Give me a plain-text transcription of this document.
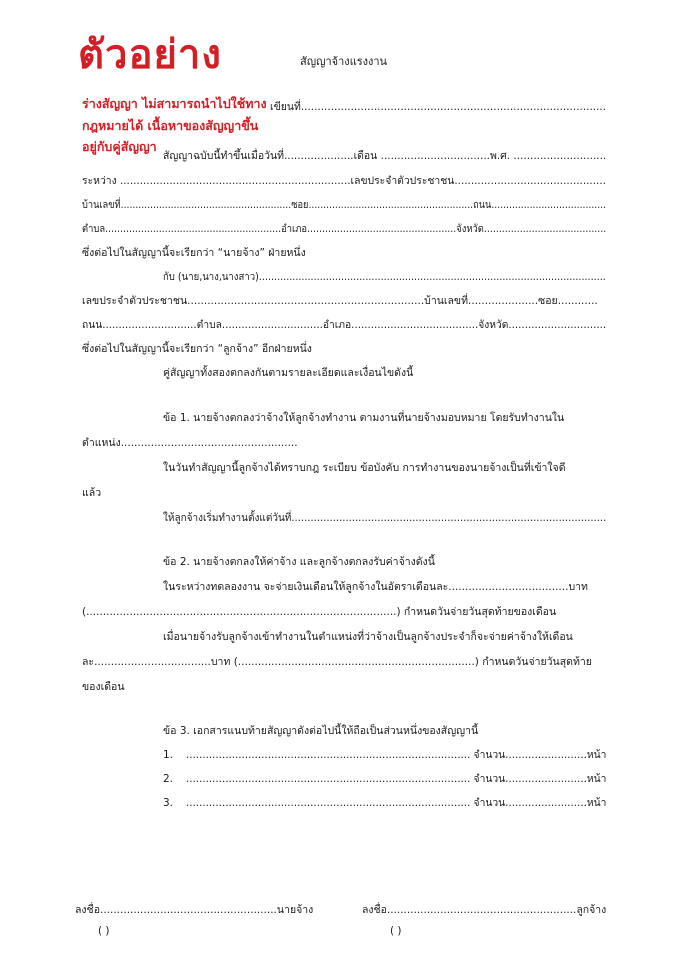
ตัวอย่าง	สัญญาจ้างแรงงาน
ร่างสัญญา ไม่สามารถนำไปใช้ทาง
กฎหมายได้ เนื้อหาของสัญญาขึ้น
อยู่กับคู่สัญญา
เขียนที่............................................................................................
สัญญาฉบับนี้ทำขึ้นเมื่อวันที่.....................เดือน .................................พ.ศ. ............................
ระหว่าง ......................................................................เลขประจำตัวประชาชน..............................................
บ้านเลขที่..........................................................ซอย........................................................ถนน.......................................
ตำบล...........................................................อำเภอ..................................................จังหวัด.........................................
ซึ่งต่อไปในสัญญานี้จะเรียกว่า “นายจ้าง” ฝ่ายหนึ่ง
กับ (นาย,นาง,นางสาว)..................................................................................................................
เลขประจำตัวประชาชน.......................................................................บ้านเลขที่.....................ซอย............
ถนน.............................ตำบล...............................อำเภอ.......................................จังหวัด..............................
ซึ่งต่อไปในสัญญานี้จะเรียกว่า “ลูกจ้าง” อีกฝ่ายหนึ่ง
คู่สัญญาทั้งสองตกลงกันตามรายละเอียดและเงื่อนไขดังนี้
ข้อ 1. นายจ้างตกลงว่าจ้างให้ลูกจ้างทำงาน ตามงานที่นายจ้างมอบหมาย โดยรับทำงานใน
ตำแหน่ง.....................................................
ในวันทำสัญญานี้ลูกจ้างได้ทราบกฎ ระเบียบ ข้อบังคับ การทำงานของนายจ้างเป็นที่เข้าใจดี
แล้ว
ให้ลูกจ้างเริ่มทำงานตั้งแต่วันที่...................................................................................................
ข้อ 2. นายจ้างตกลงให้ค่าจ้าง และลูกจ้างตกลงรับค่าจ้างดังนี้
ในระหว่างทดลองงาน จะจ่ายเงินเดือนให้ลูกจ้างในอัตราเดือนละ....................................บาท
(.............................................................................................) กำหนดวันจ่ายวันสุดท้ายของเดือน
เมื่อนายจ้างรับลูกจ้างเข้าทำงานในตำแหน่งที่ว่าจ้างเป็นลูกจ้างประจำก็จะจ่ายค่าจ้างให้เดือน
ละ...................................บาท (.......................................................................) กำหนดวันจ่ายวันสุดท้าย
ของเดือน
ข้อ 3. เอกสารแนบท้ายสัญญาดังต่อไปนี้ให้ถือเป็นส่วนหนึ่งของสัญญานี้
1. ....................................................................................... จำนวน.........................หน้า
2. ....................................................................................... จำนวน.........................หน้า
3. ....................................................................................... จำนวน.........................หน้า
ลงชื่อ.....................................................นายจ้าง
( )
ลงชื่อ.........................................................ลูกจ้าง
( )
